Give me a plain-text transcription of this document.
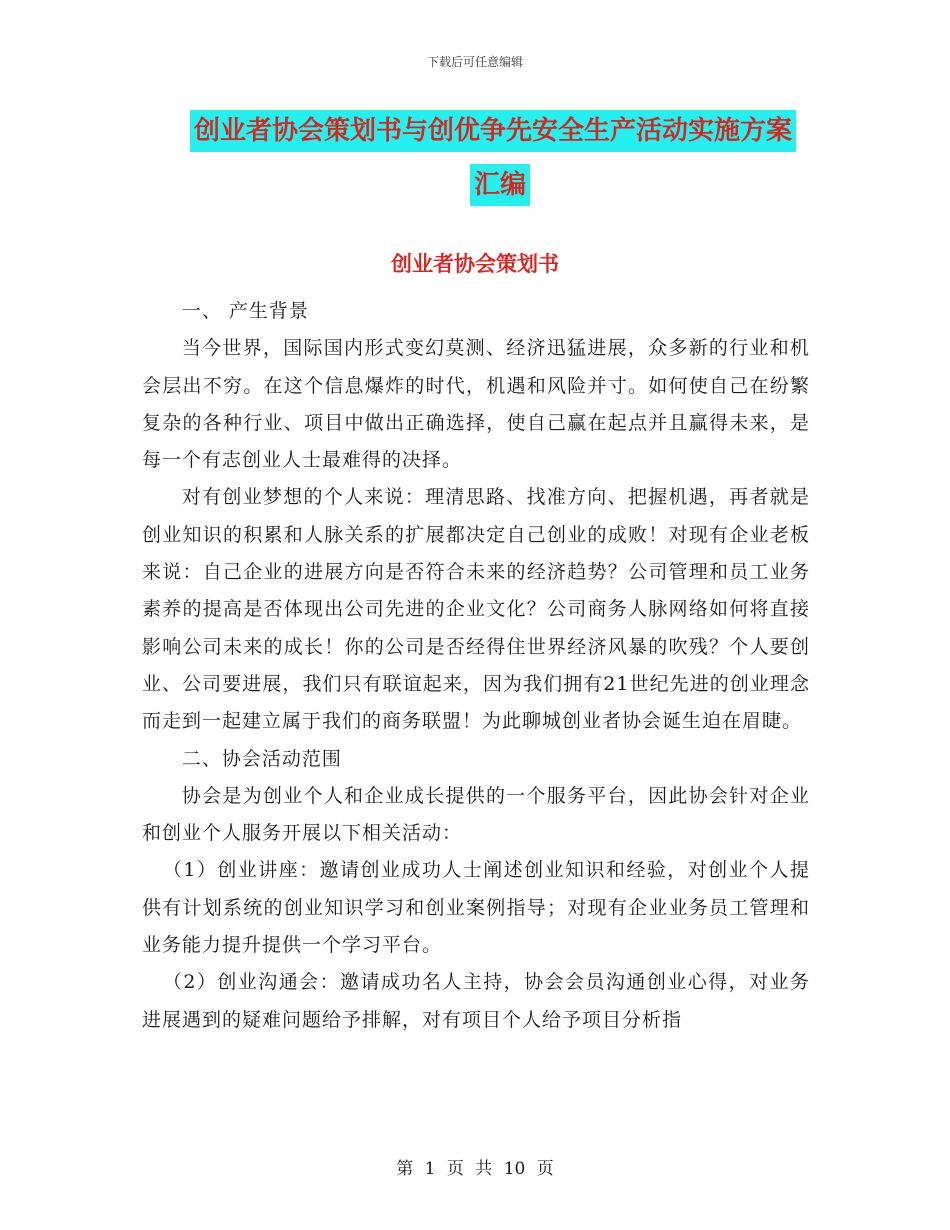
下载后可任意编辑
创业者协会策划书与创优争先安全生产活动实施方案
汇编
创业者协会策划书

一、 产生背景

当今世界，国际国内形式变幻莫测、经济迅猛进展，众多新的行业和机会层出不穷。在这个信息爆炸的时代，机遇和风险并寸。如何使自己在纷繁复杂的各种行业、项目中做出正确选择，使自己赢在起点并且赢得未来，是每一个有志创业人士最难得的决择。

对有创业梦想的个人来说：理清思路、找准方向、把握机遇，再者就是创业知识的积累和人脉关系的扩展都决定自己创业的成败！对现有企业老板来说：自己企业的进展方向是否符合未来的经济趋势？公司管理和员工业务素养的提高是否体现出公司先进的企业文化？公司商务人脉网络如何将直接影响公司未来的成长！你的公司是否经得住世界经济风暴的吹残？个人要创业、公司要进展，我们只有联谊起来，因为我们拥有21世纪先进的创业理念而走到一起建立属于我们的商务联盟！为此聊城创业者协会诞生迫在眉睫。

二、协会活动范围

协会是为创业个人和企业成长提供的一个服务平台，因此协会针对企业和创业个人服务开展以下相关活动：

（1）创业讲座：邀请创业成功人士阐述创业知识和经验，对创业个人提供有计划系统的创业知识学习和创业案例指导；对现有企业业务员工管理和业务能力提升提供一个学习平台。

（2）创业沟通会：邀请成功名人主持，协会会员沟通创业心得，对业务进展遇到的疑难问题给予排解，对有项目个人给予项目分析指

第 1 页 共 10 页
